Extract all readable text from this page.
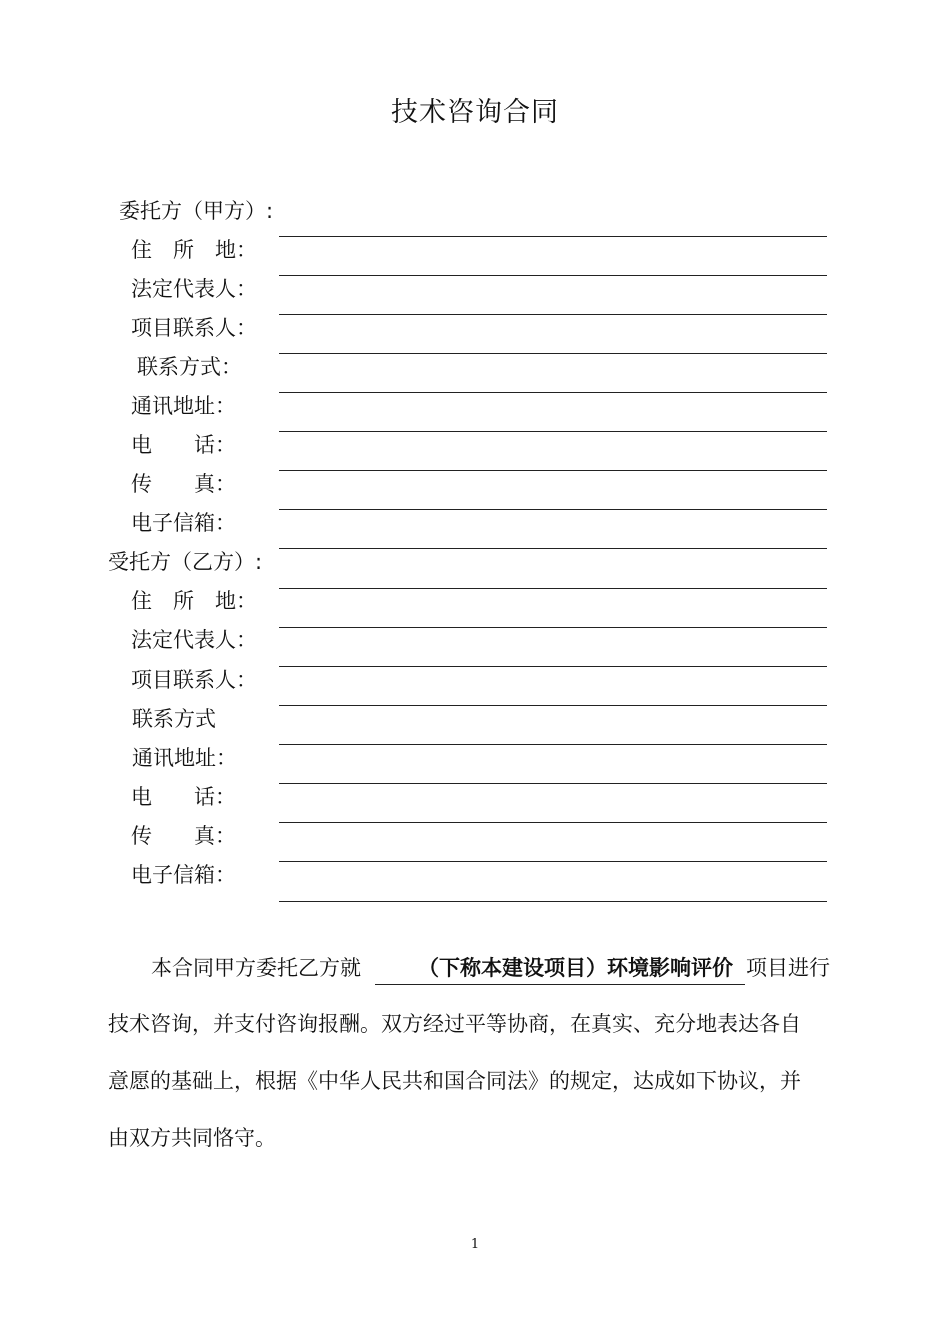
技术咨询合同
委托方（甲方）:
住　所　地：
法定代表人：
项目联系人：
联系方式：
通讯地址：
电　　话：
传　　真：
电子信箱：
受托方（乙方）:
住　所　地：
法定代表人：
项目联系人：
联系方式
通讯地址：
电　　话：
传　　真：
电子信箱：
本合同甲方委托乙方就	（下称本建设项目）环境影响评价 项目进行
技术咨询，并支付咨询报酬。双方经过平等协商，在真实、充分地表达各自
意愿的基础上，根据《中华人民共和国合同法》的规定，达成如下协议，并
由双方共同恪守。
1
